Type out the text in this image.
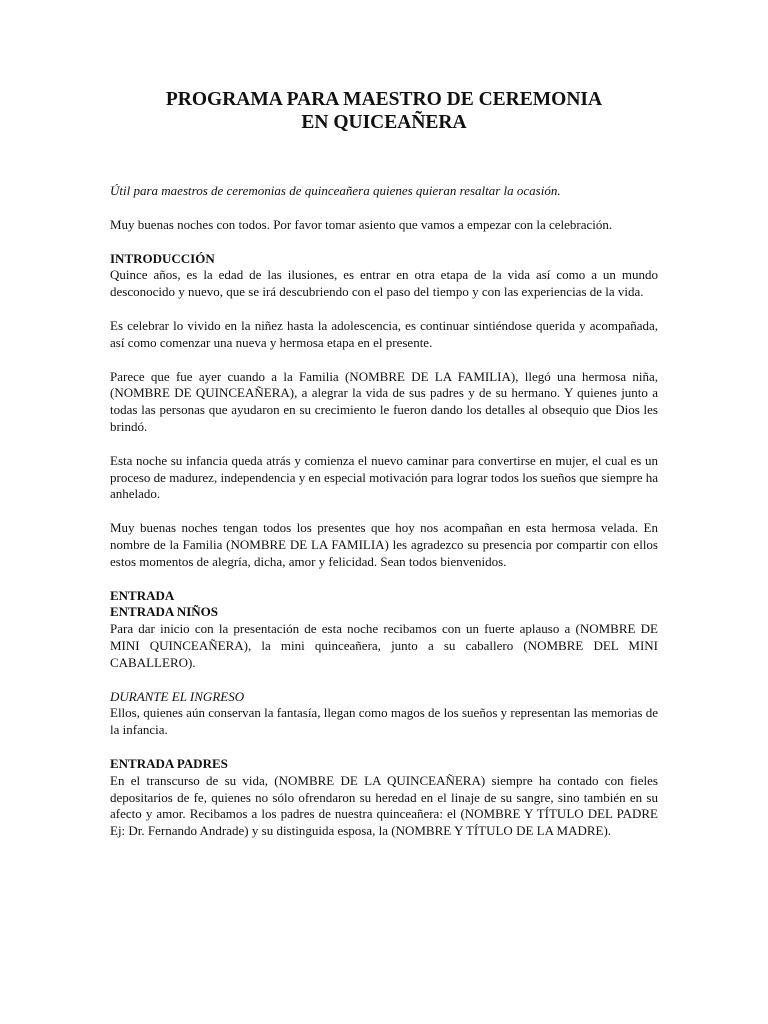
PROGRAMA PARA MAESTRO DE CEREMONIA
EN QUICEAÑERA

Útil para maestros de ceremonias de quinceañera quienes quieran resaltar la ocasión.

Muy buenas noches con todos. Por favor tomar asiento que vamos a empezar con la celebración.

INTRODUCCIÓN

Quince años, es la edad de las ilusiones, es entrar en otra etapa de la vida así como a un mundo desconocido y nuevo, que se irá descubriendo con el paso del tiempo y con las experiencias de la vida.

Es celebrar lo vivido en la niñez hasta la adolescencia, es continuar sintiéndose querida y acompañada, así como comenzar una nueva y hermosa etapa en el presente.

Parece que fue ayer cuando a la Familia (NOMBRE DE LA FAMILIA), llegó una hermosa niña, (NOMBRE DE QUINCEAÑERA), a alegrar la vida de sus padres y de su hermano. Y quienes junto a todas las personas que ayudaron en su crecimiento le fueron dando los detalles al obsequio que Dios les brindó.

Esta noche su infancia queda atrás y comienza el nuevo caminar para convertirse en mujer, el cual es un proceso de madurez, independencia y en especial motivación para lograr todos los sueños que siempre ha anhelado.

Muy buenas noches tengan todos los presentes que hoy nos acompañan en esta hermosa velada. En nombre de la Familia (NOMBRE DE LA FAMILIA) les agradezco su presencia por compartir con ellos estos momentos de alegría, dicha, amor y felicidad. Sean todos bienvenidos.

ENTRADA
ENTRADA NIÑOS

Para dar inicio con la presentación de esta noche recibamos con un fuerte aplauso a (NOMBRE DE MINI QUINCEAÑERA), la mini quinceañera, junto a su caballero (NOMBRE DEL MINI CABALLERO).

DURANTE EL INGRESO

Ellos, quienes aún conservan la fantasía, llegan como magos de los sueños y representan las memorias de la infancia.

ENTRADA PADRES

En el transcurso de su vida, (NOMBRE DE LA QUINCEAÑERA) siempre ha contado con fieles depositarios de fe, quienes no sólo ofrendaron su heredad en el linaje de su sangre, sino también en su afecto y amor. Recibamos a los padres de nuestra quinceañera: el (NOMBRE Y TÍTULO DEL PADRE Ej: Dr. Fernando Andrade) y su distinguida esposa, la (NOMBRE Y TÍTULO DE LA MADRE).
